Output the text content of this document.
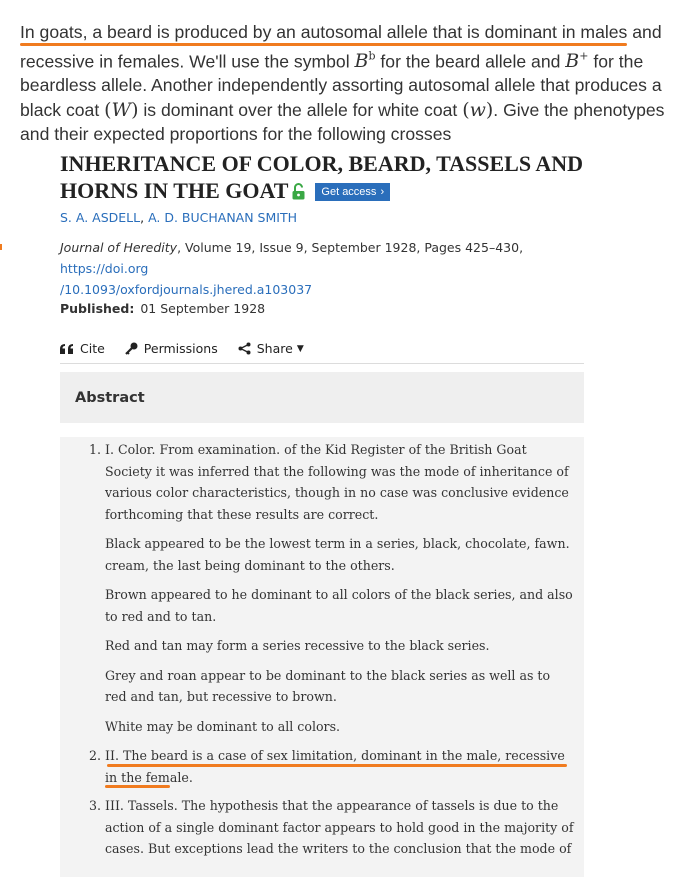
In goats, a beard is produced by an autosomal allele that is dominant in males
and recessive in females. We'll use the symbol $B^b$ for the beard allele and B+ for the beardless allele. Another independently assorting autosomal allele that produces a black coat (W) is dominant over the allele for white coat (w). Give the phenotypes and their expected proportions for the following crosses
INHERITANCE OF COLOR, BEARD, TASSELS AND
HORNS IN THE GOAT	Get access ›
S. A. ASDELL, A. D. BUCHANAN SMITH
Journal of Heredity, Volume 19, Issue 9, September 1928, Pages 425–430, https://doi.org
/10.1093/oxfordjournals.jhered.a103037
Published: 01 September 1928
Cite	Permissions	Share ▼
Abstract

1. I. Color. From examination. of the Kid Register of the British Goat Society it was inferred that the following was the mode of inheritance of various color characteristics, though in no case was conclusive evidence forthcoming that these results are correct.

Black appeared to be the lowest term in a series, black, chocolate, fawn. cream, the last being dominant to the others.

Brown appeared to he dominant to all colors of the black series, and also to red and to tan.

Red and tan may form a series recessive to the black series.

Grey and roan appear to be dominant to the black series as well as to red and tan, but recessive to brown.

White may be dominant to all colors.

2. II. The beard is a case of sex limitation, dominant in the male, recessive in the female.
3. III. Tassels. The hypothesis that the appearance of tassels is due to the action of a single dominant factor appears to hold good in the majority of cases. But exceptions lead the writers to the conclusion that the mode of
